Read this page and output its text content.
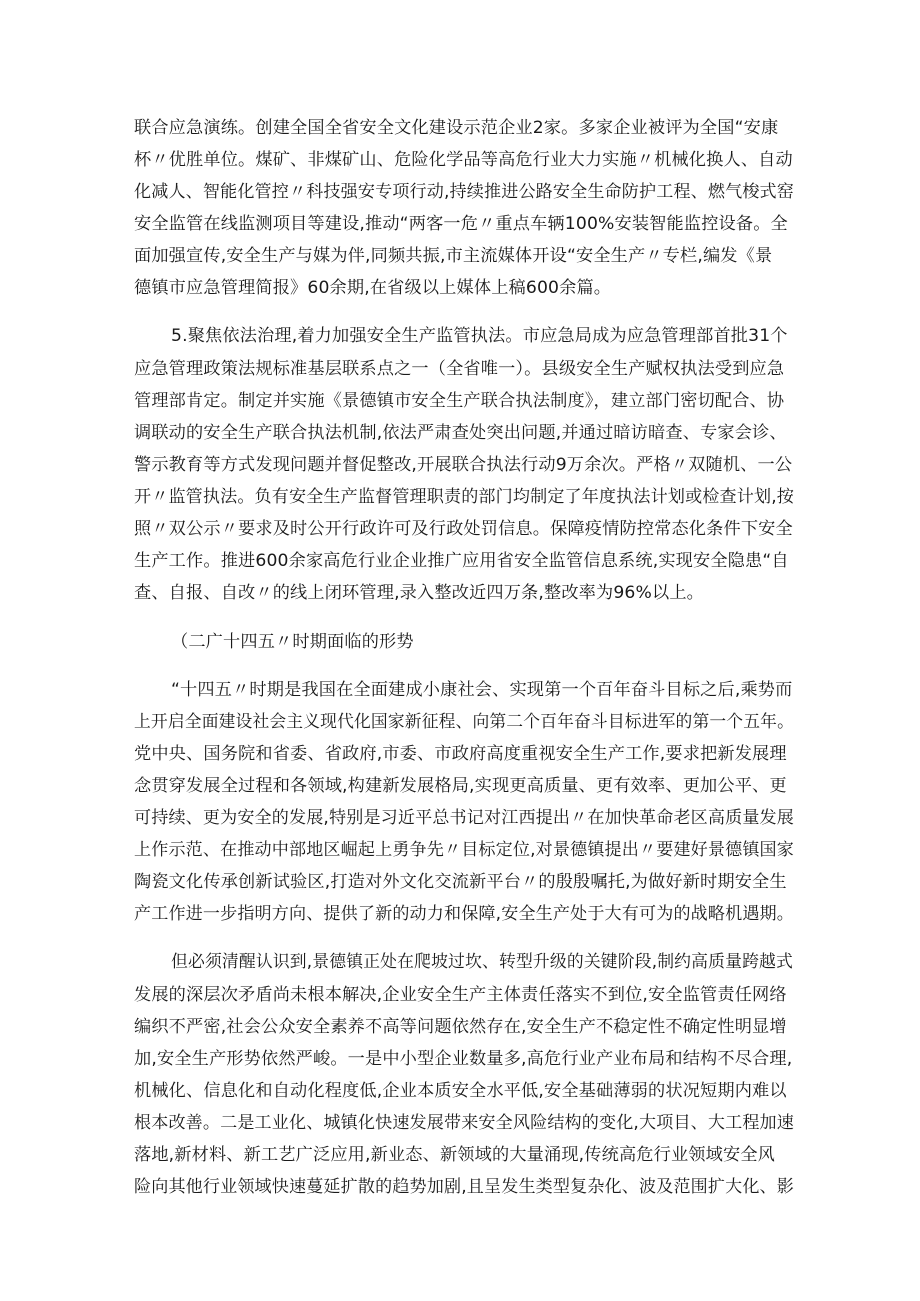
联合应急演练。创建全国全省安全文化建设示范企业2家。多家企业被评为全国“安康
杯〃优胜单位。煤矿、非煤矿山、危险化学品等高危行业大力实施〃机械化换人、自动
化减人、智能化管控〃科技强安专项行动,持续推进公路安全生命防护工程、燃气梭式窑
安全监管在线监测项目等建设,推动“两客一危〃重点车辆100%安装智能监控设备。全
面加强宣传,安全生产与媒为伴,同频共振,市主流媒体开设“安全生产〃专栏,编发《景
德镇市应急管理简报》60余期,在省级以上媒体上稿600余篇。
5.聚焦依法治理,着力加强安全生产监管执法。市应急局成为应急管理部首批31个
应急管理政策法规标准基层联系点之一（全省唯一）。县级安全生产赋权执法受到应急
管理部肯定。制定并实施《景德镇市安全生产联合执法制度》，建立部门密切配合、协
调联动的安全生产联合执法机制,依法严肃查处突出问题,并通过暗访暗查、专家会诊、
警示教育等方式发现问题并督促整改,开展联合执法行动9万余次。严格〃双随机、一公
开〃监管执法。负有安全生产监督管理职责的部门均制定了年度执法计划或检查计划,按
照〃双公示〃要求及时公开行政许可及行政处罚信息。保障疫情防控常态化条件下安全
生产工作。推进600余家高危行业企业推广应用省安全监管信息系统,实现安全隐患“自
查、自报、自改〃的线上闭环管理,录入整改近四万条,整改率为96%以上。
（二广十四五〃时期面临的形势
“十四五〃时期是我国在全面建成小康社会、实现第一个百年奋斗目标之后,乘势而
上开启全面建设社会主义现代化国家新征程、向第二个百年奋斗目标进军的第一个五年。
党中央、国务院和省委、省政府,市委、市政府高度重视安全生产工作,要求把新发展理
念贯穿发展全过程和各领域,构建新发展格局,实现更高质量、更有效率、更加公平、更
可持续、更为安全的发展,特别是习近平总书记对江西提出〃在加快革命老区高质量发展
上作示范、在推动中部地区崛起上勇争先〃目标定位,对景德镇提出〃要建好景德镇国家
陶瓷文化传承创新试验区,打造对外文化交流新平台〃的殷殷嘱托,为做好新时期安全生
产工作进一步指明方向、提供了新的动力和保障,安全生产处于大有可为的战略机遇期。
但必须清醒认识到,景德镇正处在爬坡过坎、转型升级的关键阶段,制约高质量跨越式
发展的深层次矛盾尚未根本解决,企业安全生产主体责任落实不到位,安全监管责任网络
编织不严密,社会公众安全素养不高等问题依然存在,安全生产不稳定性不确定性明显增
加,安全生产形势依然严峻。一是中小型企业数量多,高危行业产业布局和结构不尽合理,
机械化、信息化和自动化程度低,企业本质安全水平低,安全基础薄弱的状况短期内难以
根本改善。二是工业化、城镇化快速发展带来安全风险结构的变化,大项目、大工程加速
落地,新材料、新工艺广泛应用,新业态、新领域的大量涌现,传统高危行业领域安全风
险向其他行业领域快速蔓延扩散的趋势加剧,且呈发生类型复杂化、波及范围扩大化、影
